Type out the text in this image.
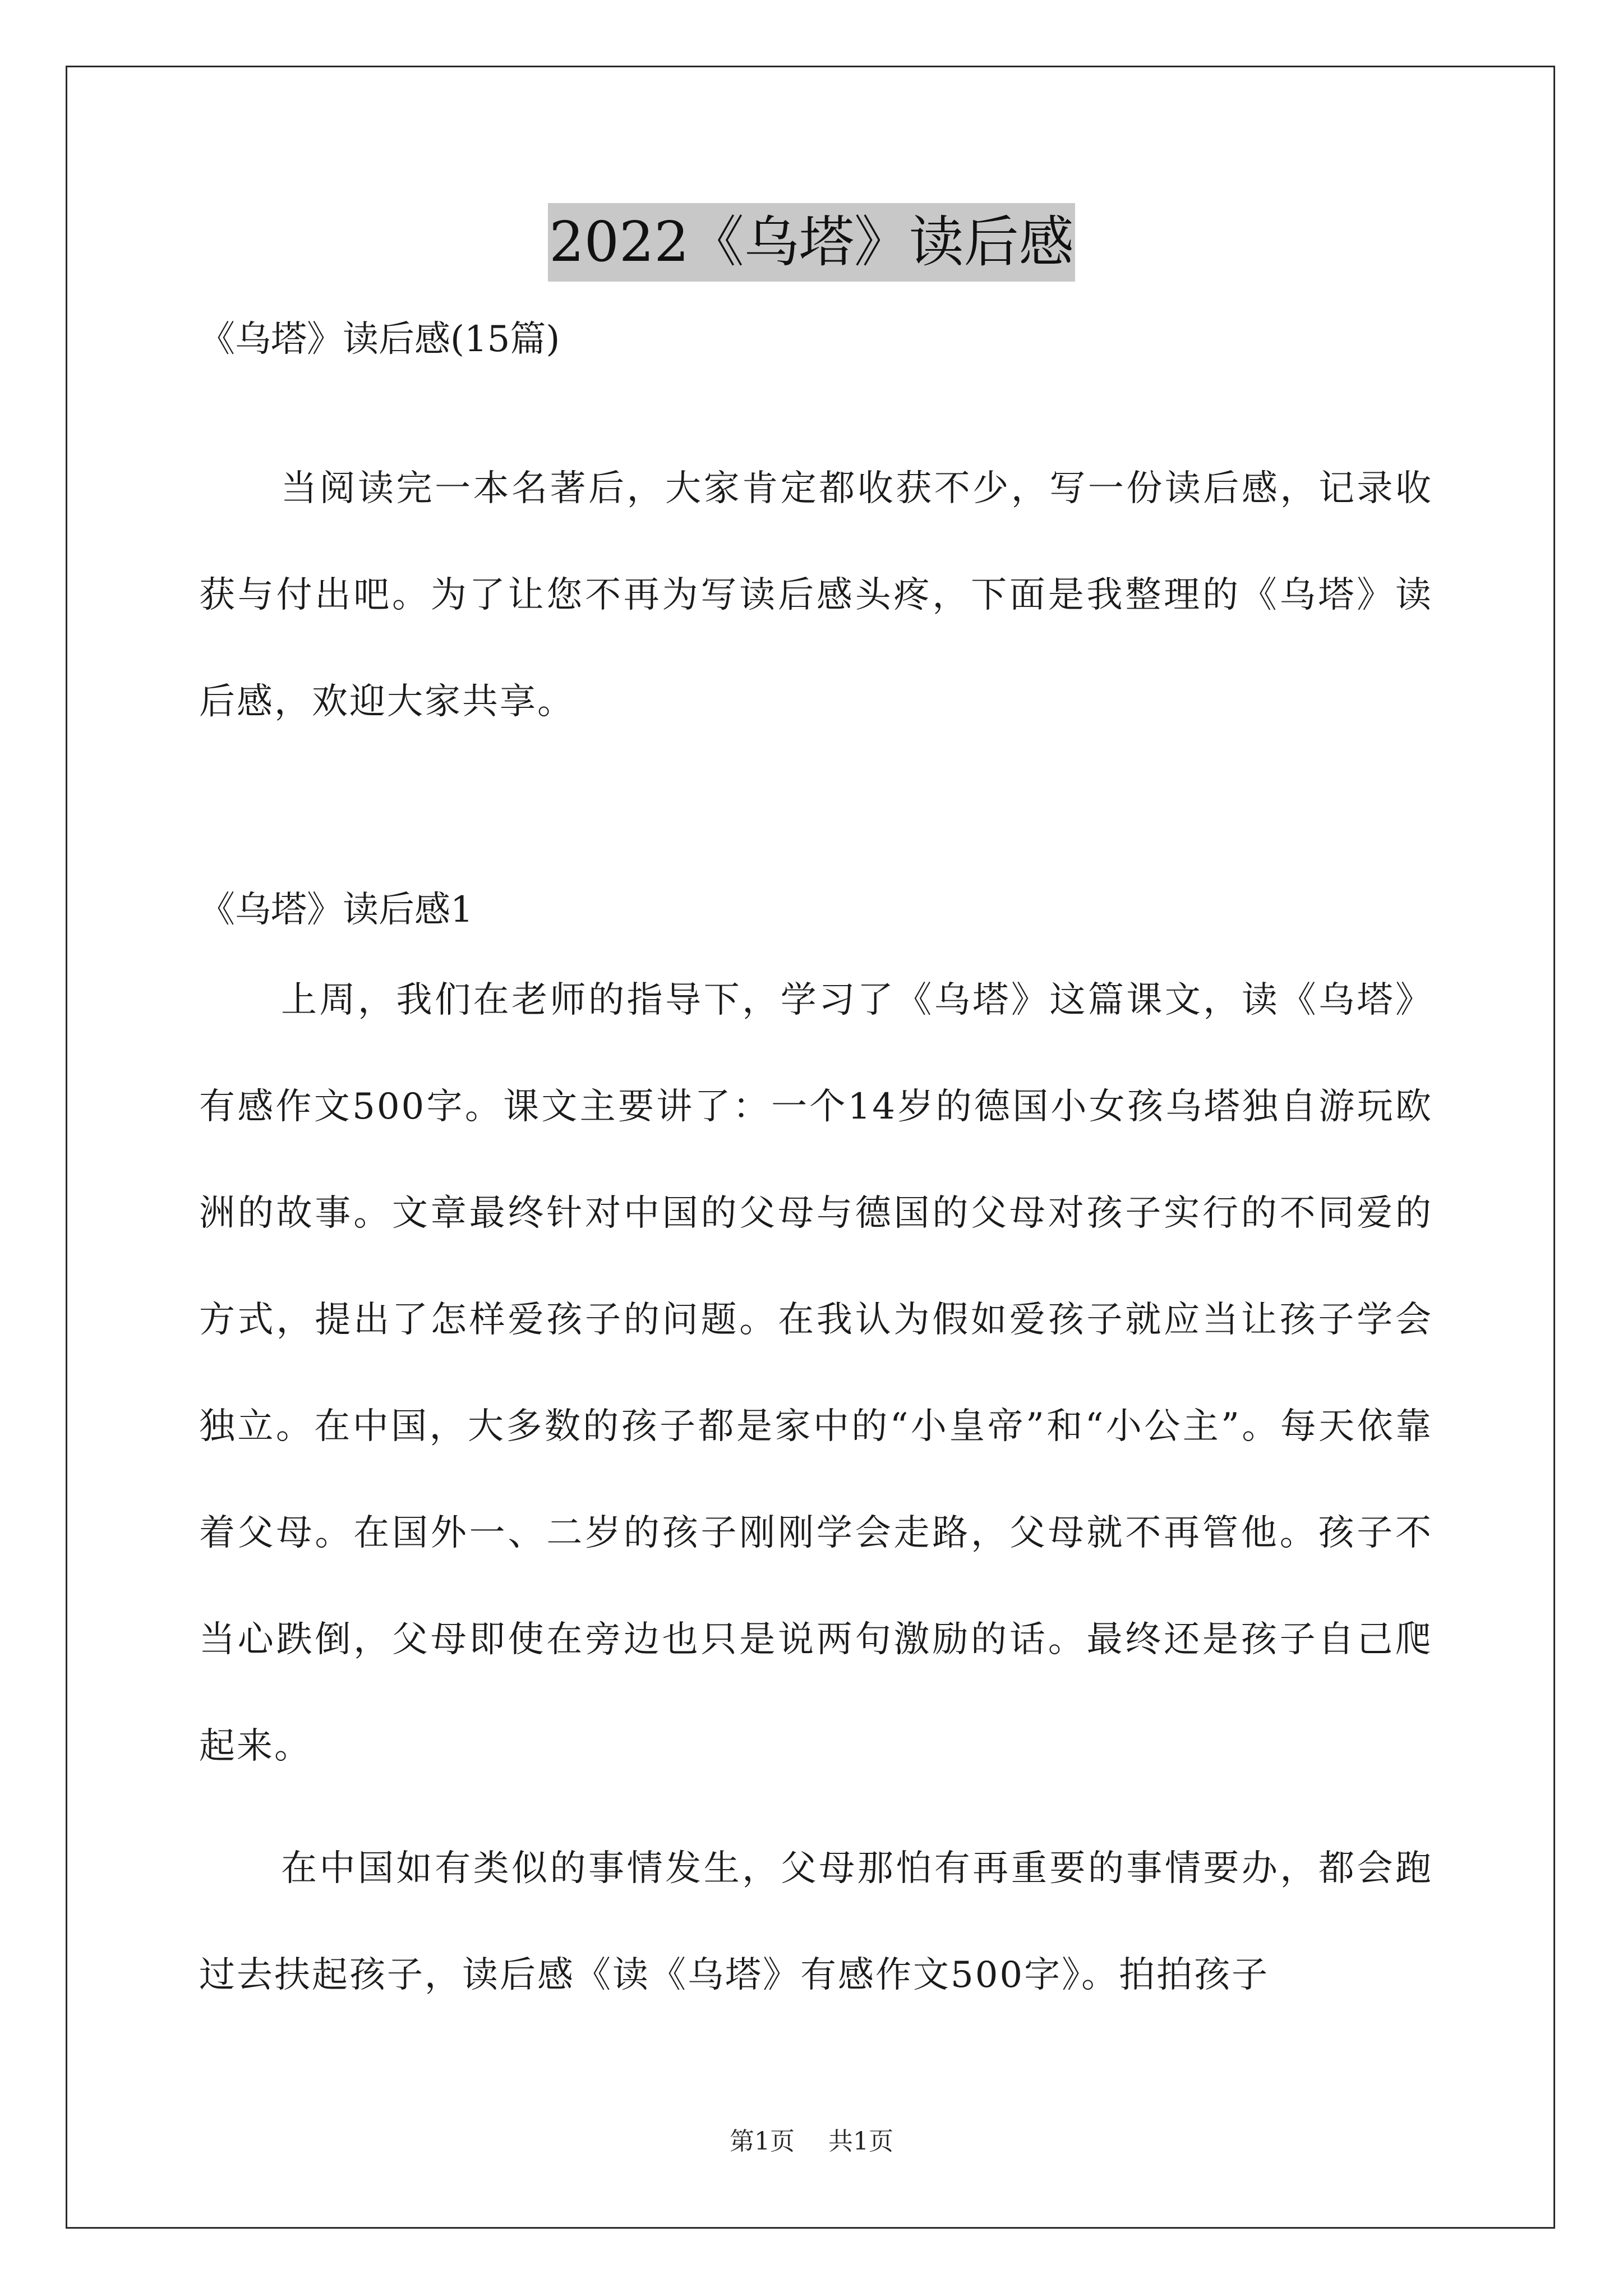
2022《乌塔》读后感
《乌塔》读后感(15篇)

当阅读完一本名著后，大家肯定都收获不少，写一份读后感，记录收获与付出吧。为了让您不再为写读后感头疼，下面是我整理的《乌塔》读后感，欢迎大家共享。

《乌塔》读后感1

上周，我们在老师的指导下，学习了《乌塔》这篇课文，读《乌塔》有感作文500字。课文主要讲了：一个14岁的德国小女孩乌塔独自游玩欧洲的故事。文章最终针对中国的父母与德国的父母对孩子实行的不同爱的方式，提出了怎样爱孩子的问题。在我认为假如爱孩子就应当让孩子学会独立。在中国，大多数的孩子都是家中的“小皇帝”和“小公主”。每天依靠着父母。在国外一、二岁的孩子刚刚学会走路，父母就不再管他。孩子不当心跌倒，父母即使在旁边也只是说两句激励的话。最终还是孩子自己爬起来。

在中国如有类似的事情发生，父母那怕有再重要的事情要办，都会跑过去扶起孩子，读后感《读《乌塔》有感作文500字》。拍拍孩子

第1页 共1页
